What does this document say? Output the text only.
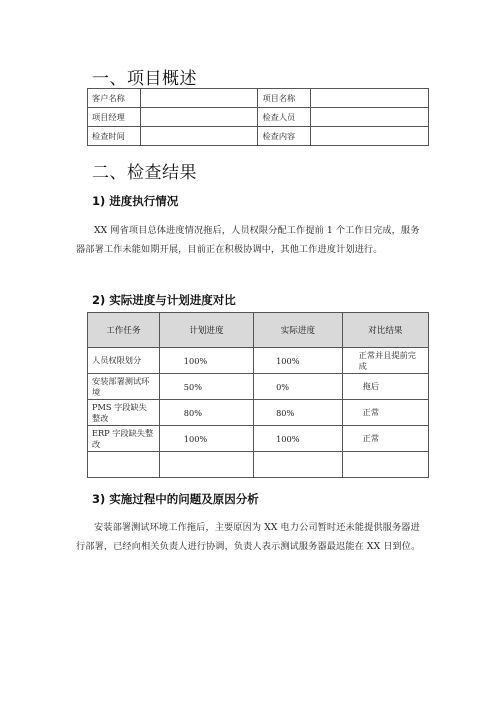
一、项目概述
客户名称		项目名称	
项目经理		检查人员	
检查时间		检查内容	
二、检查结果
1) 进度执行情况

XX 网省项目总体进度情况拖后，人员权限分配工作提前 1 个工作日完成，服务器部署工作未能如期开展，目前正在积极协调中，其他工作进度计划进行。

2) 实际进度与计划进度对比
工作任务	计划进度	实际进度	对比结果
人员权限划分	100%	100%	正常并且提前完成
安装部署测试环境	50%	0%	拖后
PMS 字段缺失整改	80%	80%	正常
ERP 字段缺失整改	100%	100%	正常

3) 实施过程中的问题及原因分析

安装部署测试环境工作拖后，主要原因为 XX 电力公司暂时还未能提供服务器进行部署，已经向相关负责人进行协调，负责人表示测试服务器最迟能在 XX 日到位。
